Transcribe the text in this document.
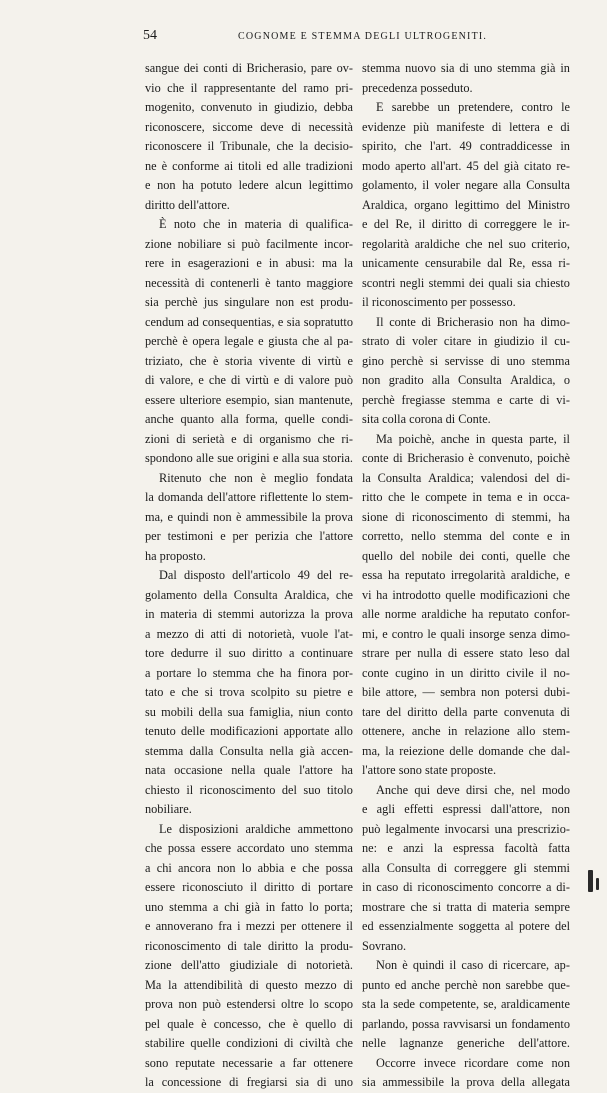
54	COGNOME E STEMMA DEGLI ULTROGENITI.
sangue dei conti di Bricherasio, pare ov-
vio che il rappresentante del ramo pri-
mogenito, convenuto in giudizio, debba
riconoscere, siccome deve di necessità
riconoscere il Tribunale, che la decisio-
ne è conforme ai titoli ed alle tradizioni
e non ha potuto ledere alcun legittimo
diritto dell'attore.
È noto che in materia di qualifica-
zione nobiliare si può facilmente incor-
rere in esagerazioni e in abusi: ma la
necessità di contenerli è tanto maggiore
sia perchè jus singulare non est produ-
cendum ad consequentias, e sia sopratutto
perchè è opera legale e giusta che al pa-
triziato, che è storia vivente di virtù e
di valore, e che di virtù e di valore può
essere ulteriore esempio, sian mantenute,
anche quanto alla forma, quelle condi-
zioni di serietà e di organismo che ri-
spondono alle sue origini e alla sua storia.
Ritenuto che non è meglio fondata
la domanda dell'attore riflettente lo stem-
ma, e quindi non è ammessibile la prova
per testimoni e per perizia che l'attore
ha proposto.
Dal disposto dell'articolo 49 del re-
golamento della Consulta Araldica, che
in materia di stemmi autorizza la prova
a mezzo di atti di notorietà, vuole l'at-
tore dedurre il suo diritto a continuare
a portare lo stemma che ha finora por-
tato e che si trova scolpito su pietre e
su mobili della sua famiglia, niun conto
tenuto delle modificazioni apportate allo
stemma dalla Consulta nella già accen-
nata occasione nella quale l'attore ha
chiesto il riconoscimento del suo titolo
nobiliare.
Le disposizioni araldiche ammettono
che possa essere accordato uno stemma
a chi ancora non lo abbia e che possa
essere riconosciuto il diritto di portare
uno stemma a chi già in fatto lo porta;
e annoverano fra i mezzi per ottenere il
riconoscimento di tale diritto la produ-
zione dell'atto giudiziale di notorietà.
Ma la attendibilità di questo mezzo di
prova non può estendersi oltre lo scopo
pel quale è concesso, che è quello di
stabilire quelle condizioni di civiltà che
sono reputate necessarie a far ottenere
la concessione di fregiarsi sia di uno
stemma nuovo sia di uno stemma già in
precedenza posseduto.
E sarebbe un pretendere, contro le
evidenze più manifeste di lettera e di
spirito, che l'art. 49 contraddicesse in
modo aperto all'art. 45 del già citato re-
golamento, il voler negare alla Consulta
Araldica, organo legittimo del Ministro
e del Re, il diritto di correggere le ir-
regolarità araldiche che nel suo criterio,
unicamente censurabile dal Re, essa ri-
scontri negli stemmi dei quali sia chiesto
il riconoscimento per possesso.
Il conte di Bricherasio non ha dimo-
strato di voler citare in giudizio il cu-
gino perchè si servisse di uno stemma
non gradito alla Consulta Araldica, o
perchè fregiasse stemma e carte di vi-
sita colla corona di Conte.
Ma poichè, anche in questa parte, il
conte di Bricherasio è convenuto, poichè
la Consulta Araldica; valendosi del di-
ritto che le compete in tema e in occa-
sione di riconoscimento di stemmi, ha
corretto, nello stemma del conte e in
quello del nobile dei conti, quelle che
essa ha reputato irregolarità araldiche, e
vi ha introdotto quelle modificazioni che
alle norme araldiche ha reputato confor-
mi, e contro le quali insorge senza dimo-
strare per nulla di essere stato leso dal
conte cugino in un diritto civile il no-
bile attore, — sembra non potersi dubi-
tare del diritto della parte convenuta di
ottenere, anche in relazione allo stem-
ma, la reiezione delle domande che dal-
l'attore sono state proposte.
Anche qui deve dirsi che, nel modo
e agli effetti espressi dall'attore, non
può legalmente invocarsi una prescrizio-
ne: e anzi la espressa facoltà fatta
alla Consulta di correggere gli stemmi
in caso di riconoscimento concorre a di-
mostrare che si tratta di materia sempre
ed essenzialmente soggetta al potere del
Sovrano.
Non è quindi il caso di ricercare, ap-
punto ed anche perchè non sarebbe que-
sta la sede competente, se, araldicamente
parlando, possa ravvisarsi un fondamento
nelle lagnanze generiche dell'attore.
Occorre invece ricordare come non
sia ammessibile la prova della allegata
